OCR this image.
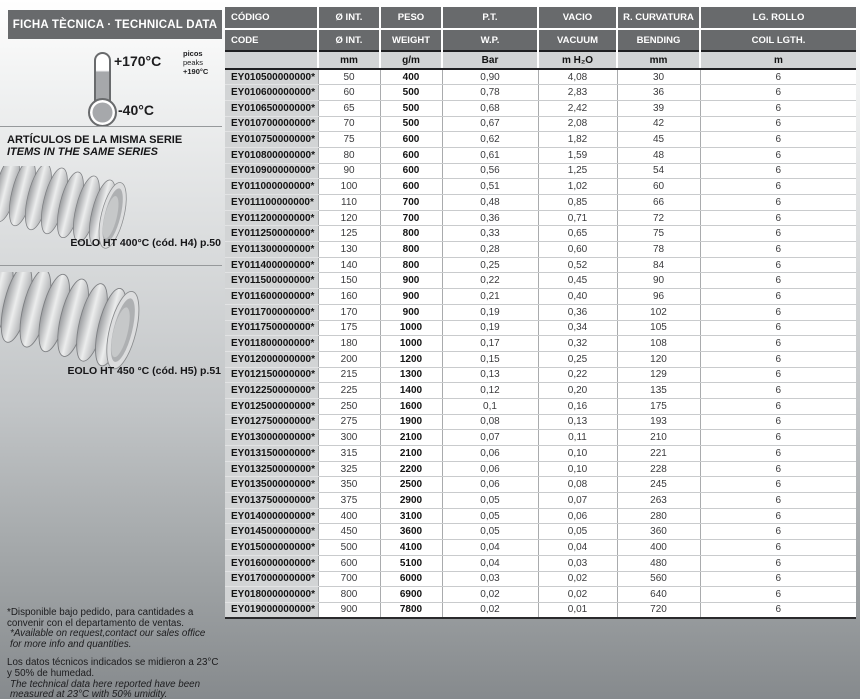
FICHA TÈCNICA · TECHNICAL DATA
+170°C
-40°C
picos
peaks
+190°C
ARTÍCULOS DE LA MISMA SERIE
ITEMS IN THE SAME SERIES
EOLO HT 400°C (cód. H4) p.50
EOLO HT 450 °C (cód. H5) p.51

*Disponible bajo pedido, para cantidades a convenir con el departamento de ventas.

*Available on request,contact our sales office for more info and quantities.

Los datos técnicos indicados se midieron a 23°C y 50% de humedad.

The technical data here reported have been measured at 23°C with 50% umidity.

CÓDIGO	Ø INT.	PESO	P.T.	VACIO	R. CURVATURA	LG. ROLLO
CODE	Ø INT.	WEIGHT	W.P.	VACUUM	BENDING	COIL LGTH.
	mm	g/m	Bar	m H₂O	mm	m
EY010500000000*	50	400	0,90	4,08	30	6
EY010600000000*	60	500	0,78	2,83	36	6
EY010650000000*	65	500	0,68	2,42	39	6
EY010700000000*	70	500	0,67	2,08	42	6
EY010750000000*	75	600	0,62	1,82	45	6
EY010800000000*	80	600	0,61	1,59	48	6
EY010900000000*	90	600	0,56	1,25	54	6
EY011000000000*	100	600	0,51	1,02	60	6
EY011100000000*	110	700	0,48	0,85	66	6
EY011200000000*	120	700	0,36	0,71	72	6
EY011250000000*	125	800	0,33	0,65	75	6
EY011300000000*	130	800	0,28	0,60	78	6
EY011400000000*	140	800	0,25	0,52	84	6
EY011500000000*	150	900	0,22	0,45	90	6
EY011600000000*	160	900	0,21	0,40	96	6
EY011700000000*	170	900	0,19	0,36	102	6
EY011750000000*	175	1000	0,19	0,34	105	6
EY011800000000*	180	1000	0,17	0,32	108	6
EY012000000000*	200	1200	0,15	0,25	120	6
EY012150000000*	215	1300	0,13	0,22	129	6
EY012250000000*	225	1400	0,12	0,20	135	6
EY012500000000*	250	1600	0,1	0,16	175	6
EY012750000000*	275	1900	0,08	0,13	193	6
EY013000000000*	300	2100	0,07	0,11	210	6
EY013150000000*	315	2100	0,06	0,10	221	6
EY013250000000*	325	2200	0,06	0,10	228	6
EY013500000000*	350	2500	0,06	0,08	245	6
EY013750000000*	375	2900	0,05	0,07	263	6
EY014000000000*	400	3100	0,05	0,06	280	6
EY014500000000*	450	3600	0,05	0,05	360	6
EY015000000000*	500	4100	0,04	0,04	400	6
EY016000000000*	600	5100	0,04	0,03	480	6
EY017000000000*	700	6000	0,03	0,02	560	6
EY018000000000*	800	6900	0,02	0,02	640	6
EY019000000000*	900	7800	0,02	0,01	720	6
